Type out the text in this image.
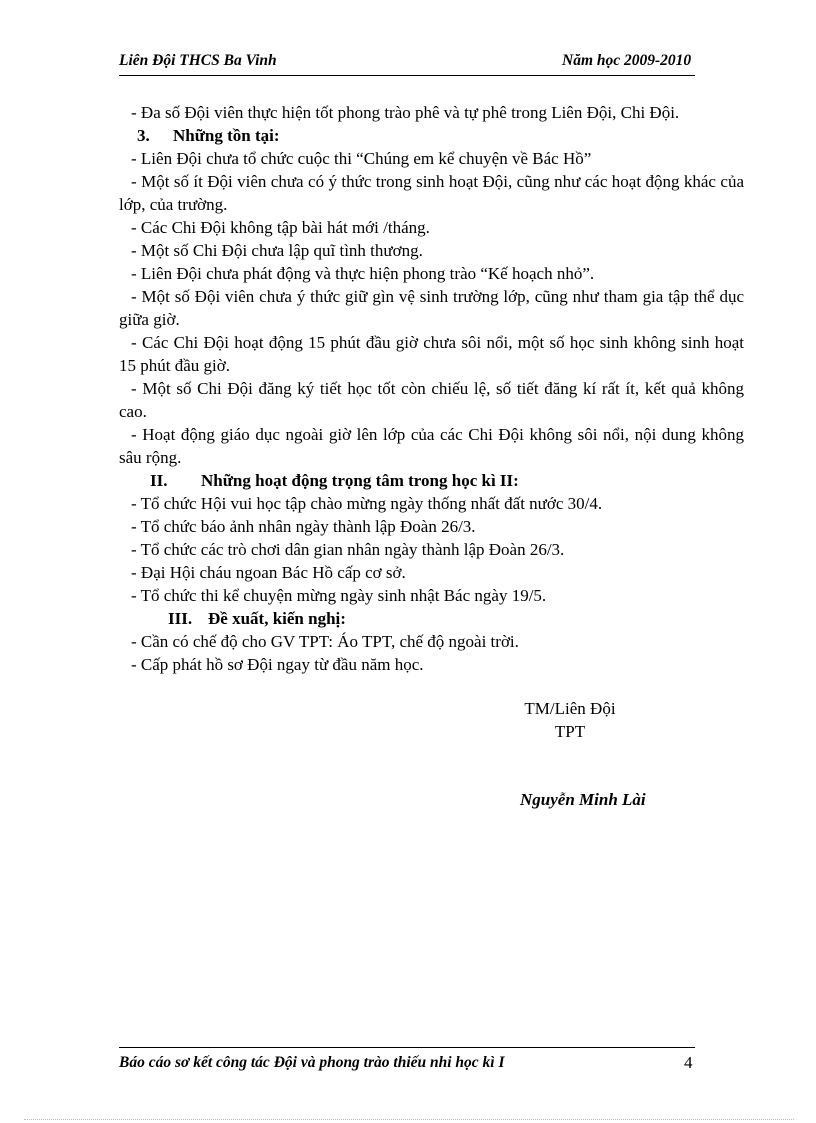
Liên Đội THCS Ba Vinh	Năm học 2009-2010

- Đa số Đội viên thực hiện tốt phong trào phê và tự phê trong Liên Đội, Chi Đội.

3. Những tồn tại:

- Liên Đội chưa tổ chức cuộc thi “Chúng em kể chuyện về Bác Hồ”

- Một số ít Đội viên chưa có ý thức trong sinh hoạt Đội, cũng như các hoạt động khác của lớp, của trường.

- Các Chi Đội không tập bài hát mới /tháng.

- Một số Chi Đội chưa lập quĩ tình thương.

- Liên Đội chưa phát động và thực hiện phong trào “Kế hoạch nhỏ”.

- Một số Đội viên chưa ý thức giữ gìn vệ sinh trường lớp, cũng như tham gia tập thể dục giữa giờ.

- Các Chi Đội hoạt động 15 phút đầu giờ chưa sôi nổi, một số học sinh không sinh hoạt 15 phút đầu giờ.

- Một số Chi Đội đăng ký tiết học tốt còn chiếu lệ, số tiết đăng kí rất ít, kết quả không cao.

- Hoạt động giáo dục ngoài giờ lên lớp của các Chi Đội không sôi nổi, nội dung không sâu rộng.

II. Những hoạt động trọng tâm trong học kì II:

- Tổ chức Hội vui học tập chào mừng ngày thống nhất đất nước 30/4.

- Tổ chức báo ảnh nhân ngày thành lập Đoàn 26/3.

- Tổ chức các trò chơi dân gian nhân ngày thành lập Đoàn 26/3.

- Đại Hội cháu ngoan Bác Hồ cấp cơ sở.

- Tổ chức thi kể chuyện mừng ngày sinh nhật Bác ngày 19/5.

III. Đề xuất, kiến nghị:

- Cần có chế độ cho GV TPT: Áo TPT, chế độ ngoài trời.

- Cấp phát hồ sơ Đội ngay từ đầu năm học.

TM/Liên Đội
TPT
Nguyễn Minh Lài
Báo cáo sơ kết công tác Đội và phong trào thiếu nhi học kì I	4
